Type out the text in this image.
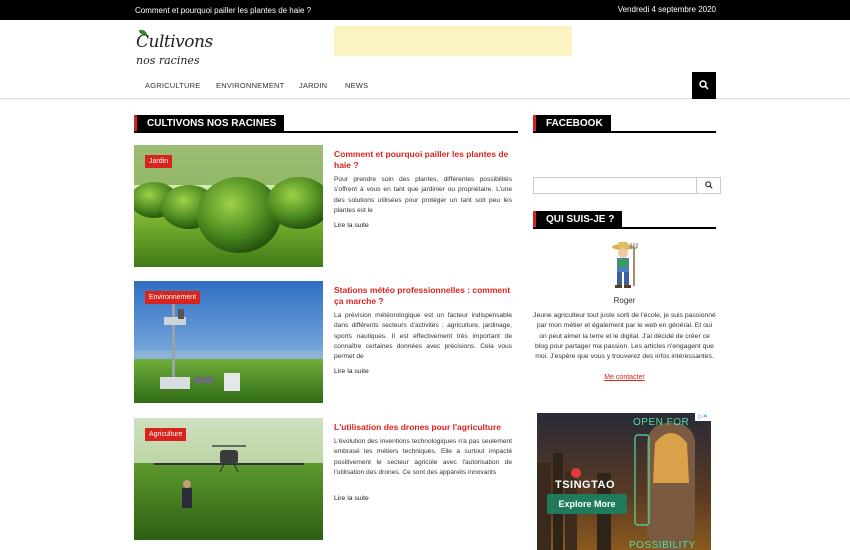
Comment et pourquoi pailler les plantes de haie ?	Vendredi 4 septembre 2020
Cultivons
nos racines
AGRICULTURE ENVIRONNEMENT JARDIN NEWS
CULTIVONS NOS RACINES
Jardin
Comment et pourquoi pailler les plantes de haie ?
Pour prendre soin des plantes, différentes possibilités s'offrent à vous en tant que jardinier ou propriétaire. L'une des solutions utilisées pour protéger un tant soit peu les plantes est le
Lire la suite
Environnement
Stations météo professionnelles : comment ça marche ?
La prévision météorologique est un facteur indispensable dans différents secteurs d'activités : agriculture, jardinage, sports nautiques. Il est effectivement très important de connaître certaines données avec précisions. Cela vous permet de
Lire la suite
Agriculture
L'utilisation des drones pour l'agriculture
L'évolution des inventions technologiques n'a pas seulement embrasé les métiers techniques. Elle a surtout impacté positivement le secteur agricole avec l'autorisation de l'utilisation des drones. Ce sont des appareils innovants
Lire la suite
FACEBOOK
QUI SUIS-JE ?
Roger
Jeune agriculteur tout juste sorti de l'école, je suis passionné par mon métier et également par le web en général. Et oui on peut aimer la terre et le digital. J'ai décidé de créer ce blog pour partager ma passion. Les articles n'engagent que moi. J'espère que vous y trouverez des infos intéressantes.
Me contacter
OPEN FOR
TSINGTAO
Explore More
POSSIBILITY
▷✕
